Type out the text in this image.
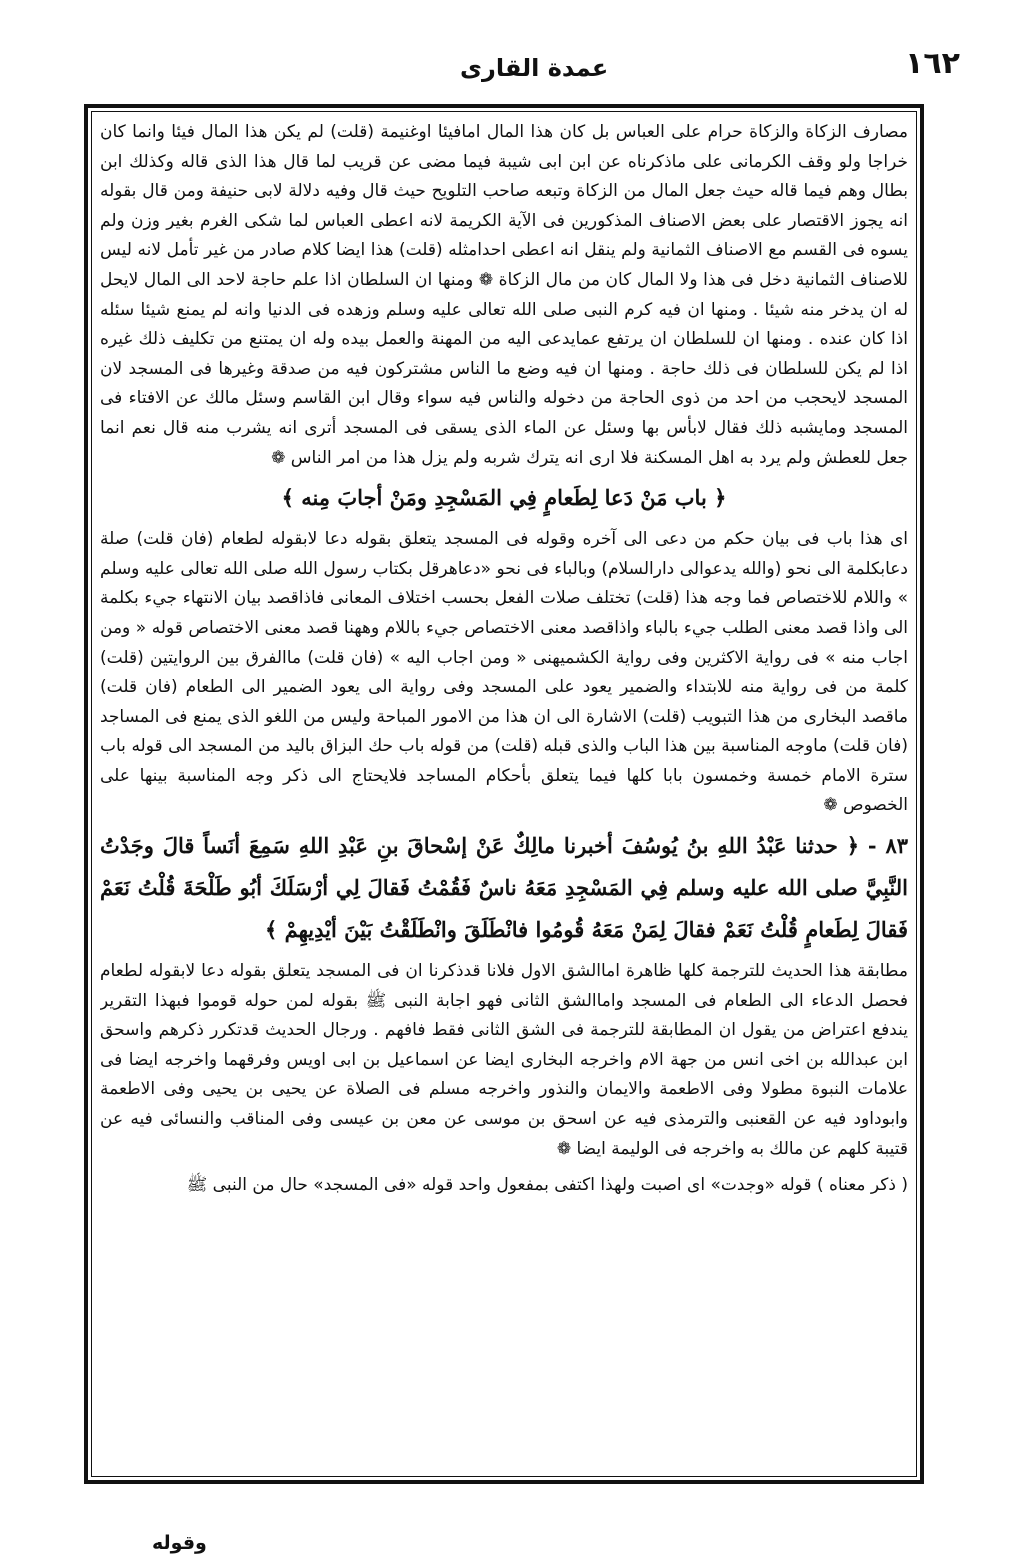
عمدة القارى	١٦٢

مصارف الزكاة والزكاة حرام على العباس بل كان هذا المال امافيئا اوغنيمة (قلت) لم يكن هذا المال فيئا وانما كان خراجا ولو وقف الكرمانى على ماذكرناه عن ابن ابى شيبة فيما مضى عن قريب لما قال هذا الذى قاله وكذلك ابن بطال وهم فيما قاله حيث جعل المال من الزكاة وتبعه صاحب التلويح حيث قال وفيه دلالة لابى حنيفة ومن قال بقوله انه يجوز الاقتصار على بعض الاصناف المذكورين فى الآية الكريمة لانه اعطى العباس لما شكى الغرم بغير وزن ولم يسوه فى القسم مع الاصناف الثمانية ولم ينقل انه اعطى احدامثله (قلت) هذا ايضا كلام صادر من غير تأمل لانه ليس للاصناف الثمانية دخل فى هذا ولا المال كان من مال الزكاة ❁ ومنها ان السلطان اذا علم حاجة لاحد الى المال لايحل له ان يدخر منه شيئا . ومنها ان فيه كرم النبى صلى الله تعالى عليه وسلم وزهده فى الدنيا وانه لم يمنع شيئا سئله اذا كان عنده . ومنها ان للسلطان ان يرتفع عمايدعى اليه من المهنة والعمل بيده وله ان يمتنع من تكليف ذلك غيره اذا لم يكن للسلطان فى ذلك حاجة . ومنها ان فيه وضع ما الناس مشتركون فيه من صدقة وغيرها فى المسجد لان المسجد لايحجب من احد من ذوى الحاجة من دخوله والناس فيه سواء وقال ابن القاسم وسئل مالك عن الافتاء فى المسجد ومايشبه ذلك فقال لابأس بها وسئل عن الماء الذى يسقى فى المسجد أترى انه يشرب منه قال نعم انما جعل للعطش ولم يرد به اهل المسكنة فلا ارى انه يترك شربه ولم يزل هذا من امر الناس ❁

﴿ باب مَنْ دَعا لِطَعامٍ فِي المَسْجِدِ ومَنْ أجابَ مِنه ﴾

اى هذا باب فى بيان حكم من دعى الى آخره وقوله فى المسجد يتعلق بقوله دعا لابقوله لطعام (فان قلت) صلة دعابكلمة الى نحو (والله يدعوالى دارالسلام) وبالباء فى نحو «دعاهرقل بكتاب رسول الله صلى الله تعالى عليه وسلم » واللام للاختصاص فما وجه هذا (قلت) تختلف صلات الفعل بحسب اختلاف المعانى فاذاقصد بيان الانتهاء جيء بكلمة الى واذا قصد معنى الطلب جيء بالباء واذاقصد معنى الاختصاص جيء باللام وههنا قصد معنى الاختصاص قوله « ومن اجاب منه » فى رواية الاكثرين وفى رواية الكشميهنى « ومن اجاب اليه » (فان قلت) ماالفرق بين الروايتين (قلت) كلمة من فى رواية منه للابتداء والضمير يعود على المسجد وفى رواية الى يعود الضمير الى الطعام (فان قلت) ماقصد البخارى من هذا التبويب (قلت) الاشارة الى ان هذا من الامور المباحة وليس من اللغو الذى يمنع فى المساجد (فان قلت) ماوجه المناسبة بين هذا الباب والذى قبله (قلت) من قوله باب حك البزاق باليد من المسجد الى قوله باب سترة الامام خمسة وخمسون بابا كلها فيما يتعلق بأحكام المساجد فلايحتاج الى ذكر وجه المناسبة بينها على الخصوص ❁

٨٣ - ﴿ حدثنا عَبْدُ اللهِ بنُ يُوسُفَ أخبرنا مالِكٌ عَنْ إسْحاقَ بنِ عَبْدِ اللهِ سَمِعَ أنَساً قالَ وجَدْتُ النَّبِيَّ صلى الله عليه وسلم فِي المَسْجِدِ مَعَهُ ناسٌ فَقُمْتُ فَقالَ لِي أرْسَلَكَ أبُو طَلْحَةَ قُلْتُ نَعَمْ فَقالَ لِطَعامٍ قُلْتُ نَعَمْ فقالَ لِمَنْ مَعَهُ قُومُوا فانْطَلَقَ وانْطَلَقْتُ بَيْنَ أيْدِيهِمْ ﴾

مطابقة هذا الحديث للترجمة كلها ظاهرة اماالشق الاول فلانا قدذكرنا ان فى المسجد يتعلق بقوله دعا لابقوله لطعام فحصل الدعاء الى الطعام فى المسجد واماالشق الثانى فهو اجابة النبى ﷺ بقوله لمن حوله قوموا فبهذا التقرير يندفع اعتراض من يقول ان المطابقة للترجمة فى الشق الثانى فقط فافهم . ورجال الحديث قدتكرر ذكرهم واسحق ابن عبدالله بن اخى انس من جهة الام واخرجه البخارى ايضا عن اسماعيل بن ابى اويس وفرقهما واخرجه ايضا فى علامات النبوة مطولا وفى الاطعمة والايمان والنذور واخرجه مسلم فى الصلاة عن يحيى بن يحيى وفى الاطعمة وابوداود فيه عن القعنبى والترمذى فيه عن اسحق بن موسى عن معن بن عيسى وفى المناقب والنسائى فيه عن قتيبة كلهم عن مالك به واخرجه فى الوليمة ايضا ❁

( ذكر معناه ) قوله «وجدت» اى اصبت ولهذا اكتفى بمفعول واحد قوله «فى المسجد» حال من النبى ﷺ

وقوله
